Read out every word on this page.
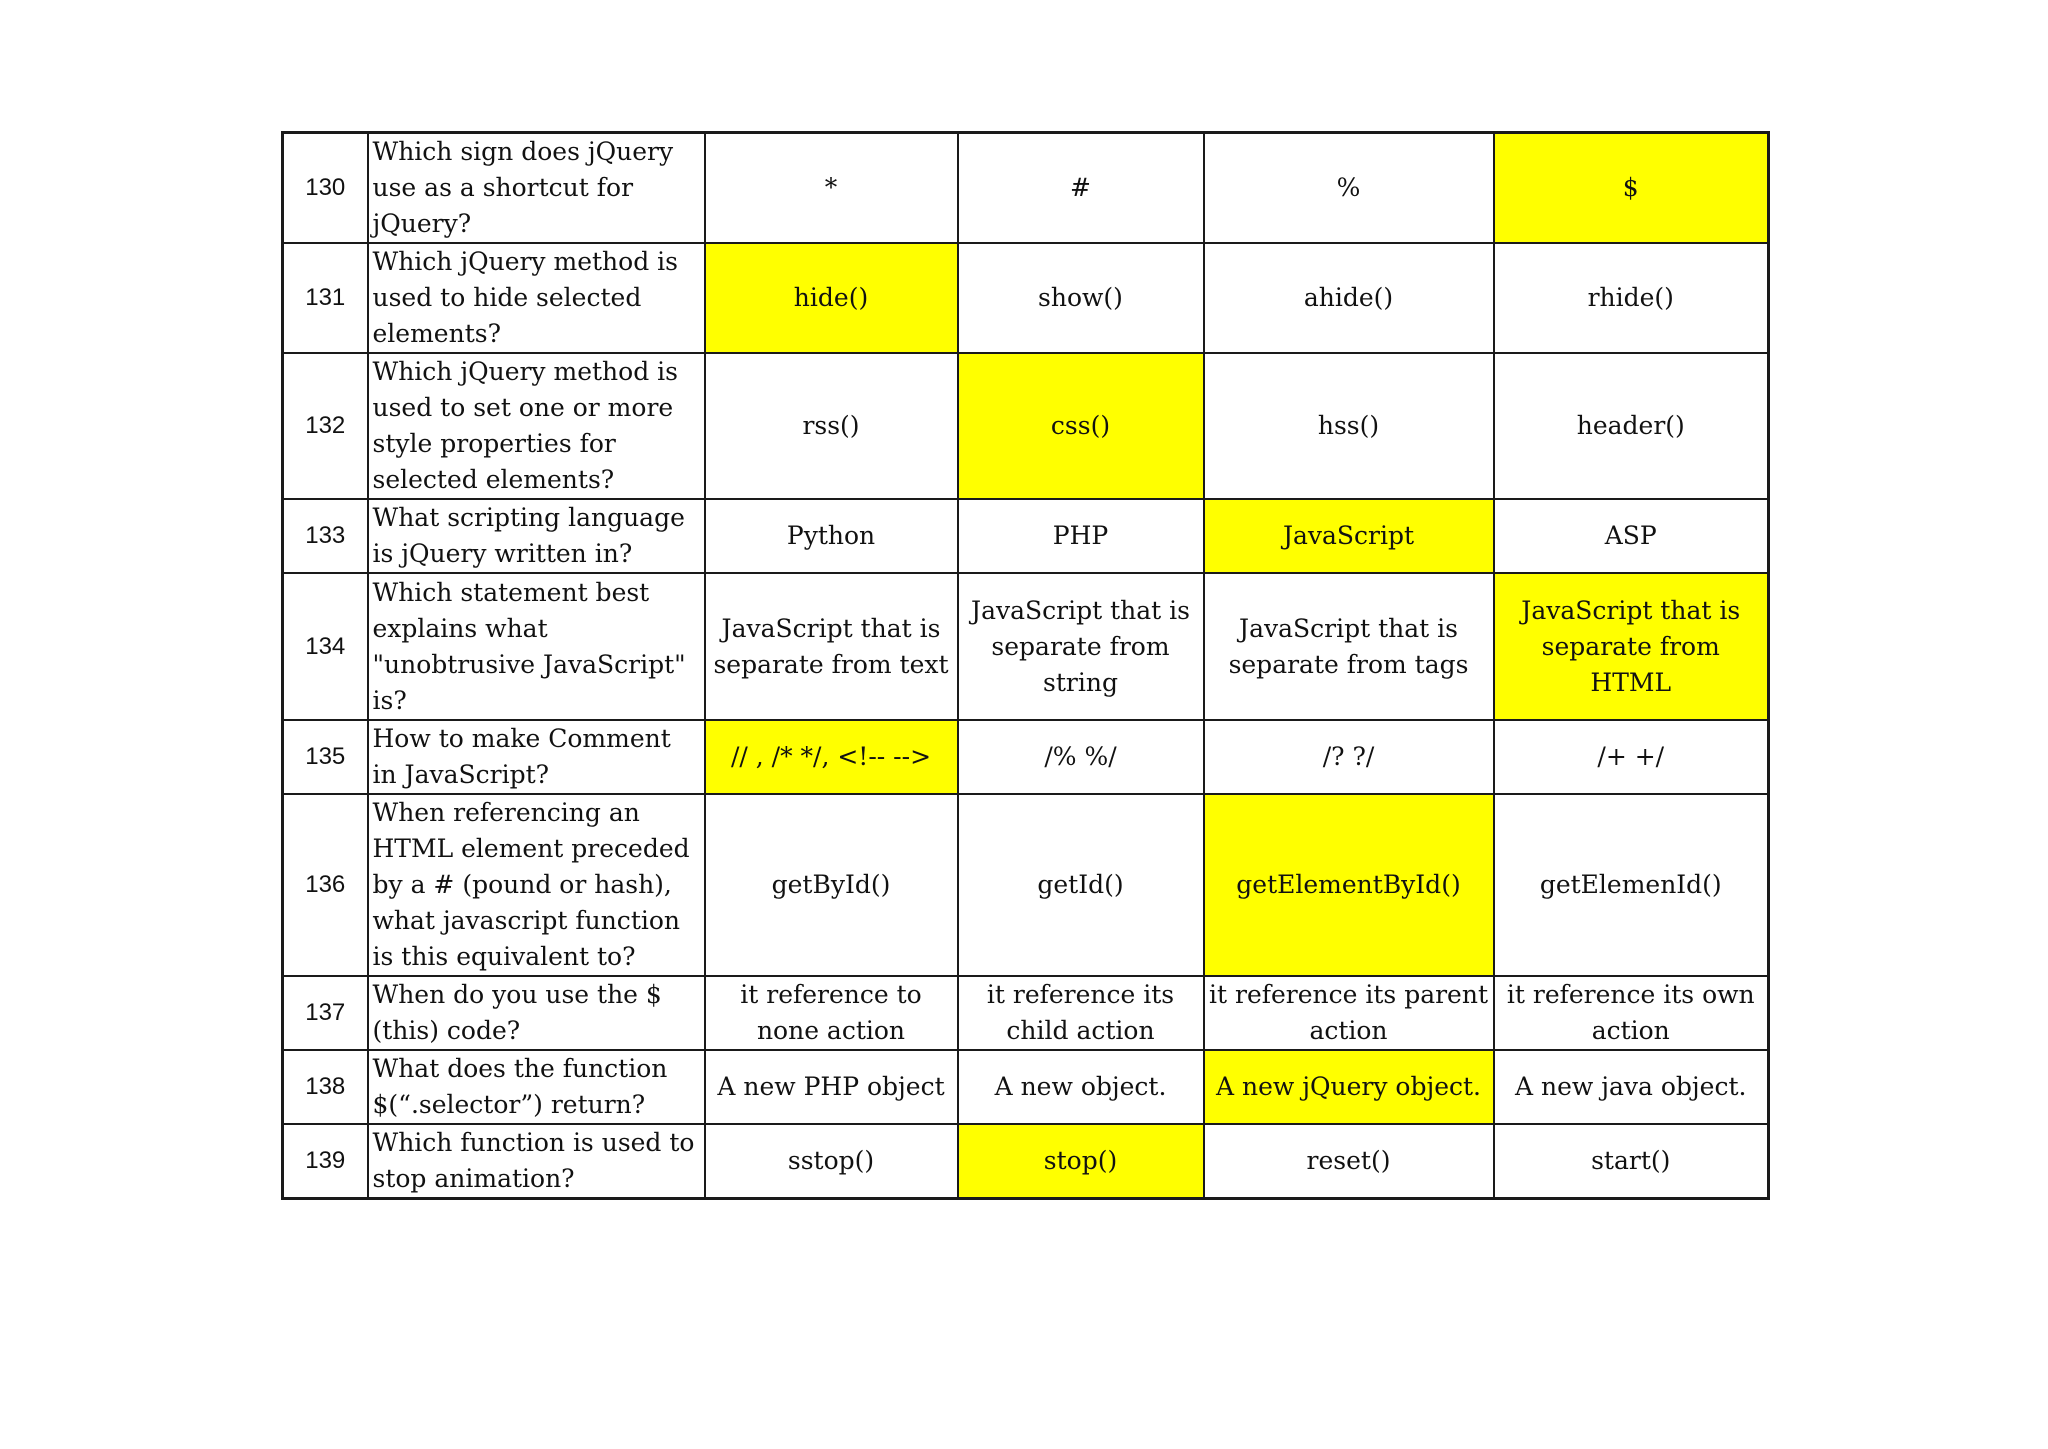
130	Which sign does jQuery use as a shortcut for jQuery?	*	#	%	$
131	Which jQuery method is used to hide selected elements?	hide()	show()	ahide()	rhide()
132	Which jQuery method is used to set one or more style properties for selected elements?	rss()	css()	hss()	header()
133	What scripting language is jQuery written in?	Python	PHP	JavaScript	ASP
134	Which statement best explains what "unobtrusive JavaScript" is?	JavaScript that is separate from text	JavaScript that is separate from string	JavaScript that is separate from tags	JavaScript that is separate from HTML
135	How to make Comment in JavaScript?	// , /* */, <!-- -->	/% %/	/? ?/	/+ +/
136	When referencing an HTML element preceded by a # (pound or hash), what javascript function is this equivalent to?	getById()	getId()	getElementById()	getElemenId()
137	When do you use the $ (this) code?	it reference to none action	it reference its child action	it reference its parent action	it reference its own action
138	What does the function $(“.selector”) return?	A new PHP object	A new object.	A new jQuery object.	A new java object.
139	Which function is used to stop animation?	sstop()	stop()	reset()	start()
